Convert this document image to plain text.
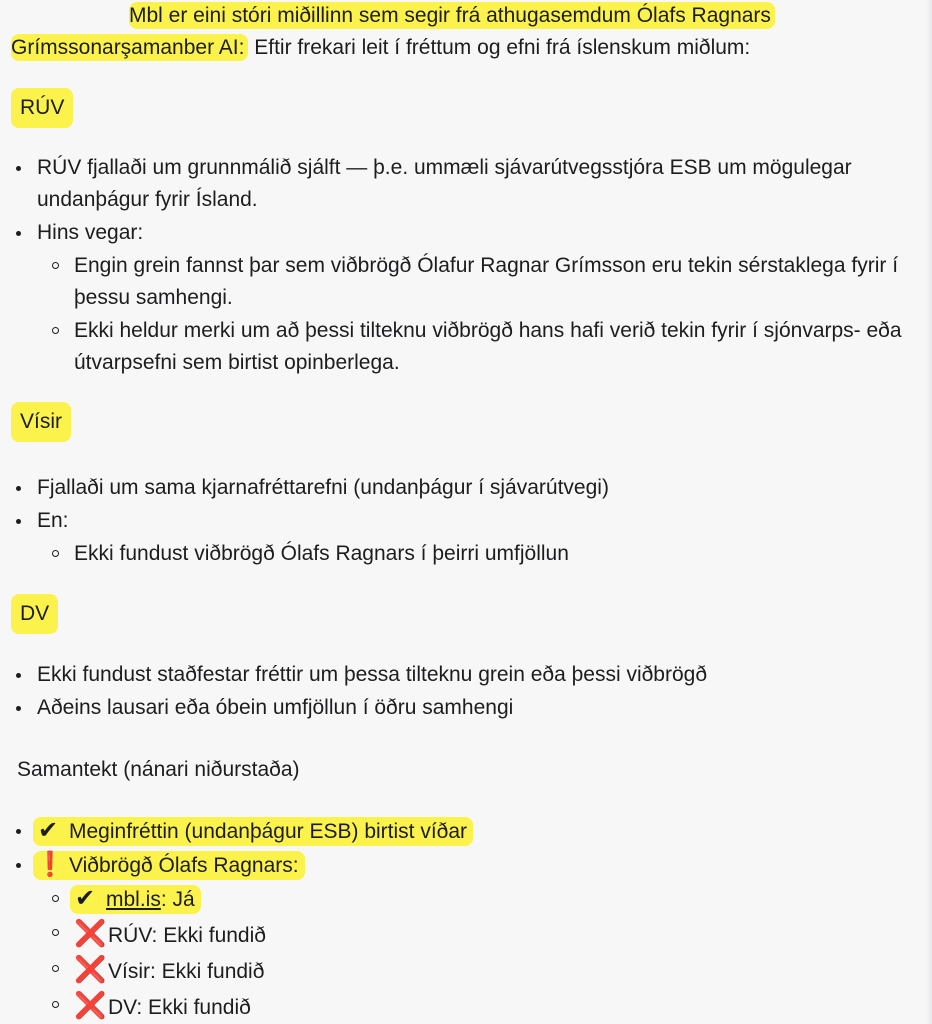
Mbl er eini stóri miðillinn sem segir frá athugasemdum Ólafs Ragnars Grímssonarşamanber AI: Eftir frekari leit í fréttum og efni frá íslenskum miðlum:

RÚV
RÚV fjallaði um grunnmálið sjálft — þ.e. ummæli sjávarútvegsstjóra ESB um mögulegar undanþágur fyrir Ísland.
Hins vegar:
Engin grein fannst þar sem viðbrögð Ólafur Ragnar Grímsson eru tekin sérstaklega fyrir í þessu samhengi.
Ekki heldur merki um að þessi tilteknu viðbrögð hans hafi verið tekin fyrir í sjónvarps- eða útvarpsefni sem birtist opinberlega.
Vísir
Fjallaði um sama kjarnafréttarefni (undanþágur í sjávarútvegi)
En:
Ekki fundust viðbrögð Ólafs Ragnars í þeirri umfjöllun
DV
Ekki fundust staðfestar fréttir um þessa tilteknu grein eða þessi viðbrögð
Aðeins lausari eða óbein umfjöllun í öðru samhengi
Samantekt (nánari niðurstaða)
✔ Meginfréttin (undanþágur ESB) birtist víðar
❗ Viðbrögð Ólafs Ragnars:
✔ mbl.is: Já
❌RÚV: Ekki fundið
❌Vísir: Ekki fundið
❌DV: Ekki fundið
